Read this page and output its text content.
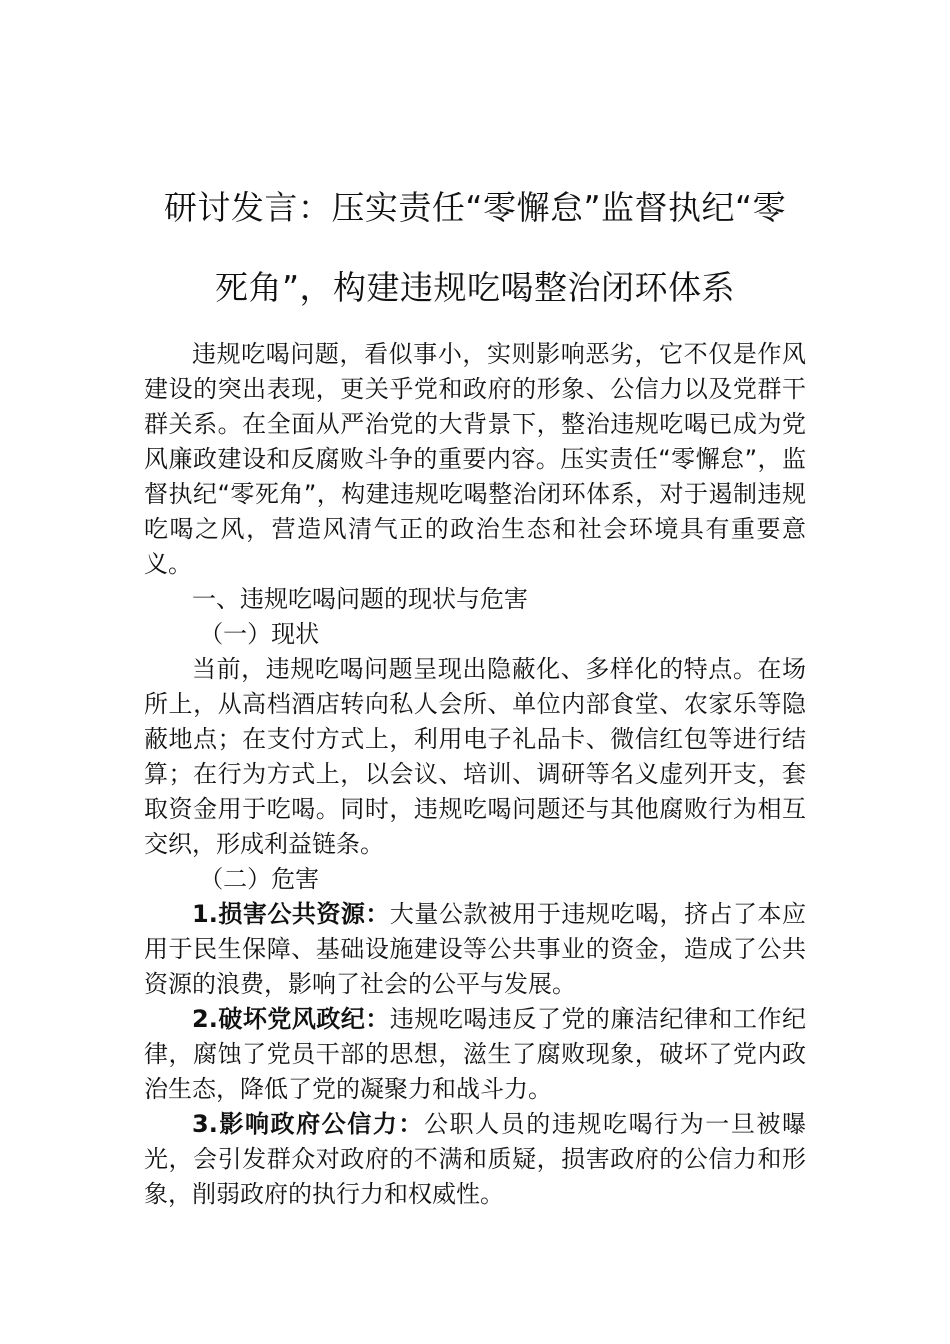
研讨发言：压实责任“零懈怠”监督执纪“零
死角”，构建违规吃喝整治闭环体系

违规吃喝问题，看似事小，实则影响恶劣，它不仅是作风建设的突出表现，更关乎党和政府的形象、公信力以及党群干群关系。在全面从严治党的大背景下，整治违规吃喝已成为党风廉政建设和反腐败斗争的重要内容。压实责任“零懈怠”，监督执纪“零死角”，构建违规吃喝整治闭环体系，对于遏制违规吃喝之风，营造风清气正的政治生态和社会环境具有重要意义。

一、违规吃喝问题的现状与危害

（一）现状

当前，违规吃喝问题呈现出隐蔽化、多样化的特点。在场所上，从高档酒店转向私人会所、单位内部食堂、农家乐等隐蔽地点；在支付方式上，利用电子礼品卡、微信红包等进行结算；在行为方式上，以会议、培训、调研等名义虚列开支，套取资金用于吃喝。同时，违规吃喝问题还与其他腐败行为相互交织，形成利益链条。

（二）危害

1.损害公共资源：大量公款被用于违规吃喝，挤占了本应用于民生保障、基础设施建设等公共事业的资金，造成了公共资源的浪费，影响了社会的公平与发展。

2.破坏党风政纪：违规吃喝违反了党的廉洁纪律和工作纪律，腐蚀了党员干部的思想，滋生了腐败现象，破坏了党内政治生态，降低了党的凝聚力和战斗力。

3.影响政府公信力：公职人员的违规吃喝行为一旦被曝光，会引发群众对政府的不满和质疑，损害政府的公信力和形象，削弱政府的执行力和权威性。
